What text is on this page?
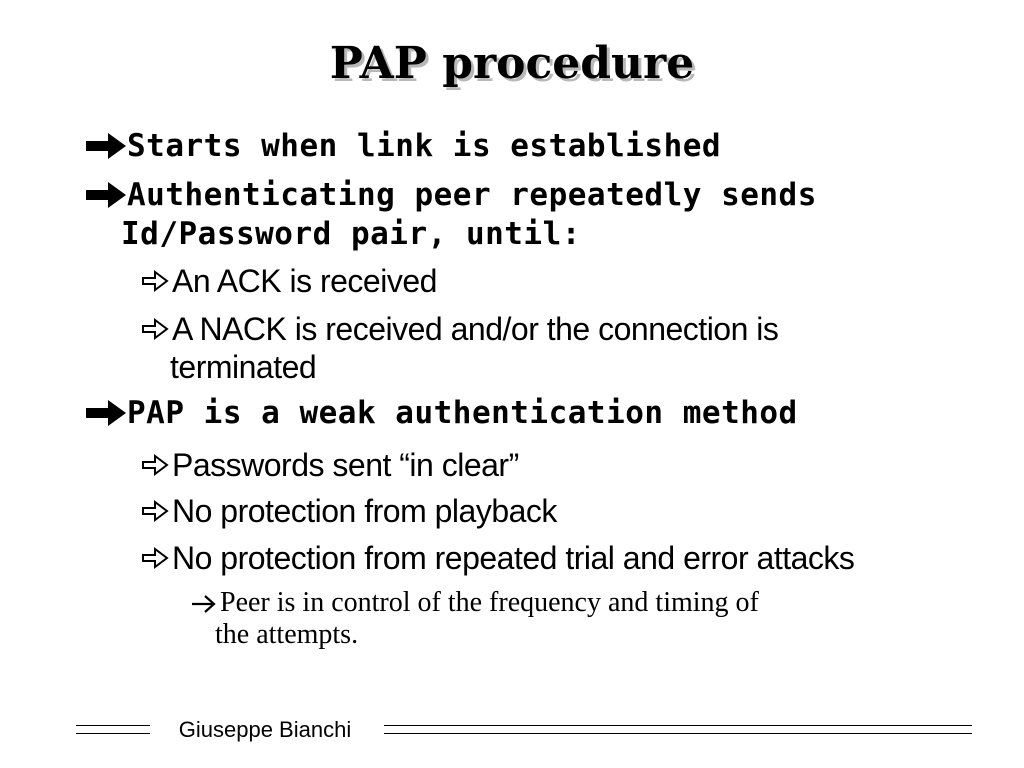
PAP procedure
Starts when link is established
Authenticating peer repeatedly sends
Id/Password pair, until:
An ACK is received
A NACK is received and/or the connection is
terminated
PAP is a weak authentication method
Passwords sent “in clear”
No protection from playback
No protection from repeated trial and error attacks
Peer is in control of the frequency and timing of
the attempts.
Giuseppe Bianchi
